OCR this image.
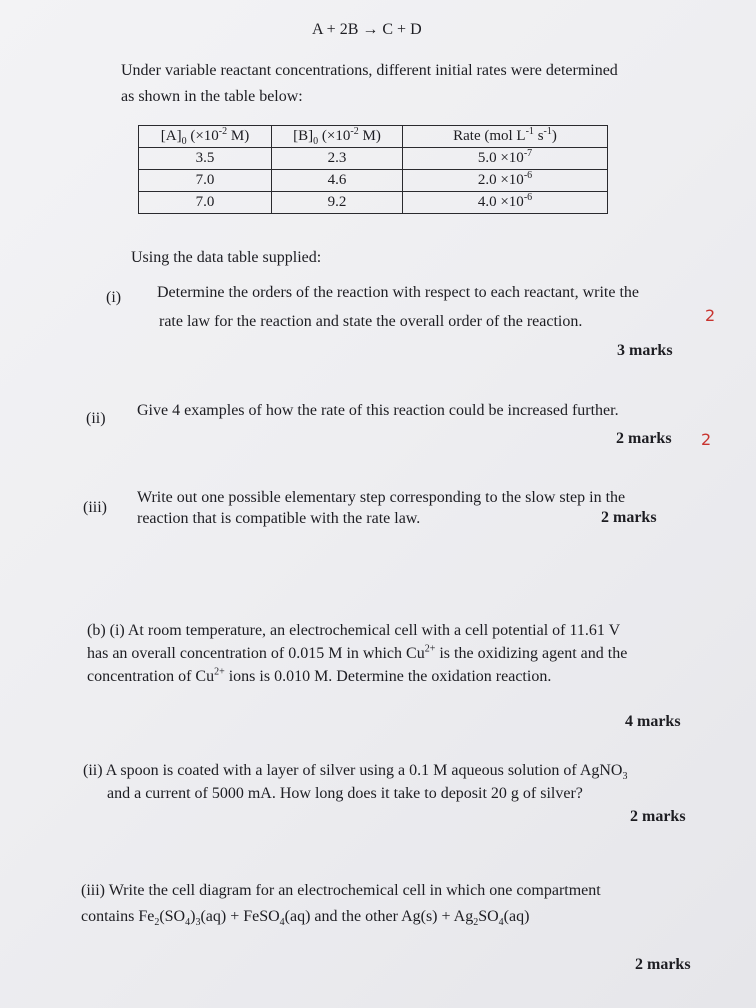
A + 2B → C + D
Under variable reactant concentrations, different initial rates were determined
as shown in the table below:
$[A]_0$ ($\times 10^{-2}$ M)	$[B]_0$ ($\times 10^{-2}$ M)	Rate (mol $L^{-1}$ $s^{-1}$)
3.5	2.3	$5.0 \times 10^{-7}$
7.0	4.6	$2.0 \times 10^{-6}$
7.0	9.2	$4.0 \times 10^{-6}$
Using the data table supplied:
(i) Determine the orders of the reaction with respect to each reactant, write the
rate law for the reaction and state the overall order of the reaction.
3 marks
2
(ii) Give 4 examples of how the rate of this reaction could be increased further.
2 marks 2
(iii)
Write out one possible elementary step corresponding to the slow step in the
reaction that is compatible with the rate law.	2 marks
(b) (i) At room temperature, an electrochemical cell with a cell potential of 11.61 V
has an overall concentration of 0.015 M in which $Cu^{2+}$ is the oxidizing agent and the
concentration of $Cu^{2+}$ ions is 0.010 M. Determine the oxidation reaction.
4 marks
(ii) A spoon is coated with a layer of silver using a 0.1 M aqueous solution of AgNO$_3$
and a current of 5000 mA. How long does it take to deposit 20 g of silver?
2 marks
(iii) Write the cell diagram for an electrochemical cell in which one compartment
contains $Fe_2(SO_4)_3(aq)$ + FeSO$_4$(aq) and the other $Ag(s) + Ag_2SO_4(aq)$
2 marks
